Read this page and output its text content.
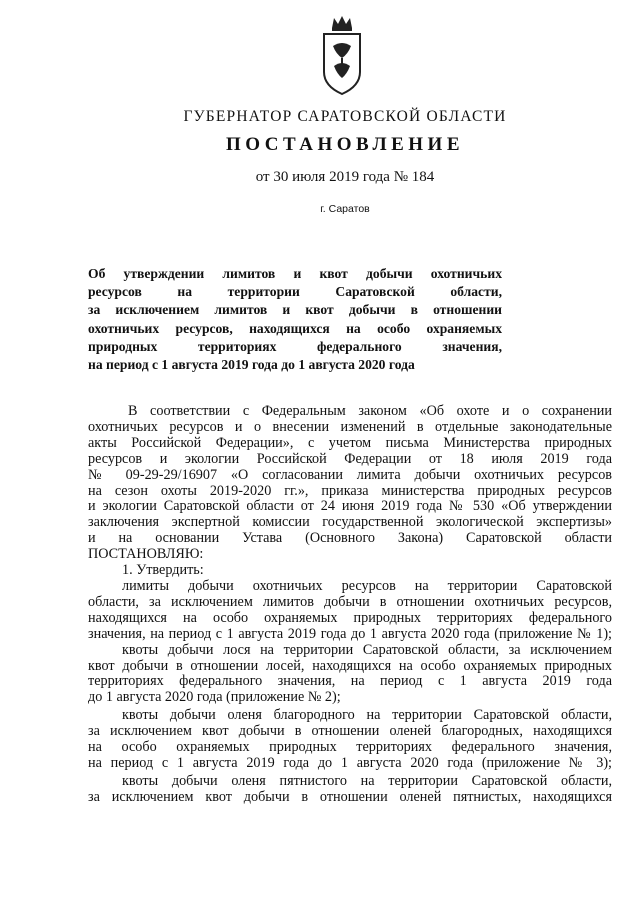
ГУБЕРНАТОР САРАТОВСКОЙ ОБЛАСТИ
ПОСТАНОВЛЕНИЕ
от 30 июля 2019 года № 184
г. Саратов
Об утверждении лимитов и квот добычи охотничьих
ресурсов на территории Саратовской области,
за исключением лимитов и квот добычи в отношении
охотничьих ресурсов, находящихся на особо охраняемых
природных территориях федерального значения,
на период с 1 августа 2019 года до 1 августа 2020 года
В соответствии с Федеральным законом «Об охоте и о сохранении
охотничьих ресурсов и о внесении изменений в отдельные законодательные
акты Российской Федерации», с учетом письма Министерства природных
ресурсов и экологии Российской Федерации от 18 июля 2019 года
№ 09-29-29/16907 «О согласовании лимита добычи охотничьих ресурсов
на сезон охоты 2019-2020 гг.», приказа министерства природных ресурсов
и экологии Саратовской области от 24 июня 2019 года № 530 «Об утверждении
заключения экспертной комиссии государственной экологической экспертизы»
и на основании Устава (Основного Закона) Саратовской области
ПОСТАНОВЛЯЮ:
1. Утвердить:
лимиты добычи охотничьих ресурсов на территории Саратовской
области, за исключением лимитов добычи в отношении охотничьих ресурсов,
находящихся на особо охраняемых природных территориях федерального
значения, на период с 1 августа 2019 года до 1 августа 2020 года (приложение № 1);
квоты добычи лося на территории Саратовской области, за исключением
квот добычи в отношении лосей, находящихся на особо охраняемых природных
территориях федерального значения, на период с 1 августа 2019 года
до 1 августа 2020 года (приложение № 2);
квоты добычи оленя благородного на территории Саратовской области,
за исключением квот добычи в отношении оленей благородных, находящихся
на особо охраняемых природных территориях федерального значения,
на период с 1 августа 2019 года до 1 августа 2020 года (приложение № 3);
квоты добычи оленя пятнистого на территории Саратовской области,
за исключением квот добычи в отношении оленей пятнистых, находящихся
